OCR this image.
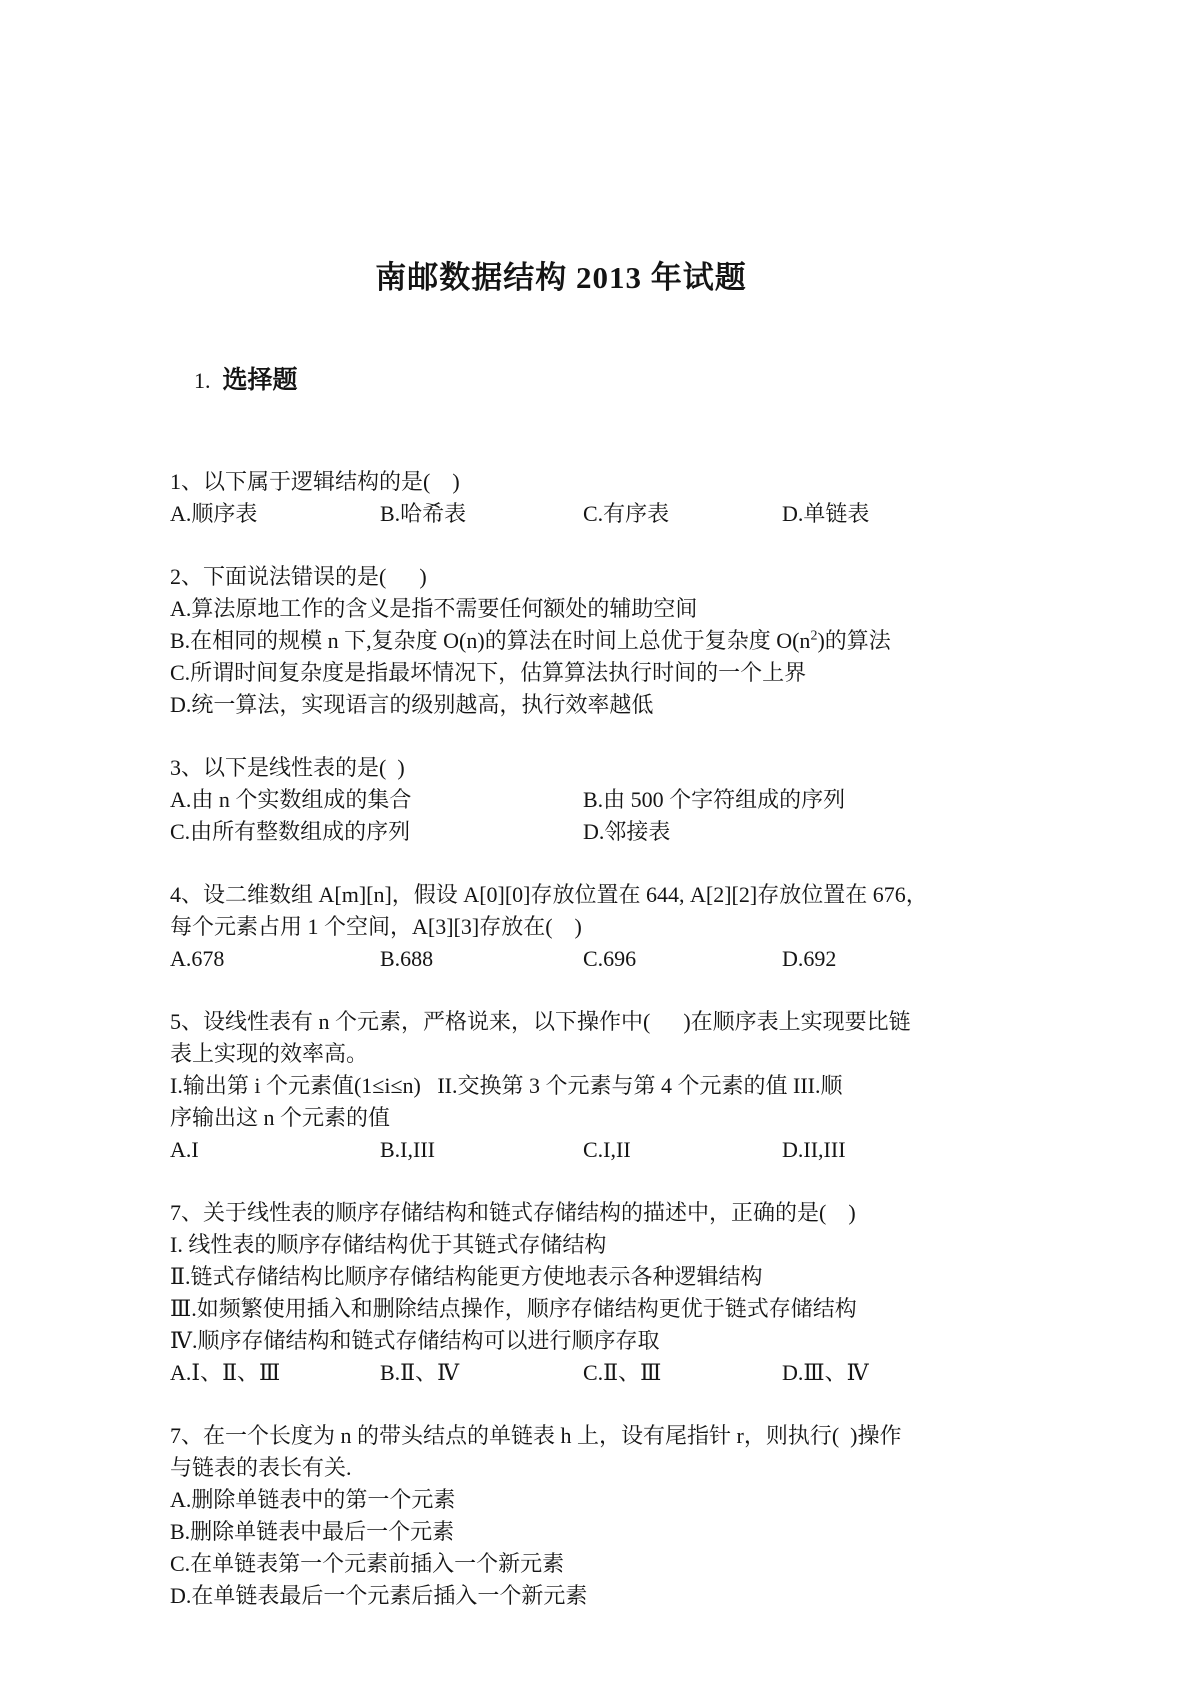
南邮数据结构 2013 年试题

1. 选择题

1、以下属于逻辑结构的是(    )
A.顺序表	B.哈希表	C.有序表	D.单链表
2、下面说法错误的是(      )
A.算法原地工作的含义是指不需要任何额处的辅助空间
B.在相同的规模 n 下,复杂度 O(n)的算法在时间上总优于复杂度 $O(n^2)$的算法
C.所谓时间复杂度是指最坏情况下，估算算法执行时间的一个上界
D.统一算法，实现语言的级别越高，执行效率越低
3、以下是线性表的是(  )
A.由 n 个实数组成的集合	B.由 500 个字符组成的序列
C.由所有整数组成的序列	D.邻接表
4、设二维数组 A[m][n]，假设 A[0][0]存放位置在 644, A[2][2]存放位置在 676，
每个元素占用 1 个空间，A[3][3]存放在(    )
A.678	B.688	C.696	D.692
5、设线性表有 n 个元素，严格说来，以下操作中(      )在顺序表上实现要比链
表上实现的效率高。
I.输出第 i 个元素值(1≤i≤n)   II.交换第 3 个元素与第 4 个元素的值 III.顺
序输出这 n 个元素的值
A.I	B.I,III	C.I,II	D.II,III
7、关于线性表的顺序存储结构和链式存储结构的描述中，正确的是(    )
I. 线性表的顺序存储结构优于其链式存储结构
Ⅱ.链式存储结构比顺序存储结构能更方使地表示各种逻辑结构
Ⅲ.如频繁使用插入和删除结点操作，顺序存储结构更优于链式存储结构
Ⅳ.顺序存储结构和链式存储结构可以进行顺序存取
A.Ⅰ、Ⅱ、Ⅲ	B.Ⅱ、Ⅳ	C.Ⅱ、Ⅲ	D.Ⅲ、Ⅳ
7、在一个长度为 n 的带头结点的单链表 h 上，设有尾指针 r，则执行(  )操作
与链表的表长有关.
A.删除单链表中的第一个元素
B.删除单链表中最后一个元素
C.在单链表第一个元素前插入一个新元素
D.在单链表最后一个元素后插入一个新元素
